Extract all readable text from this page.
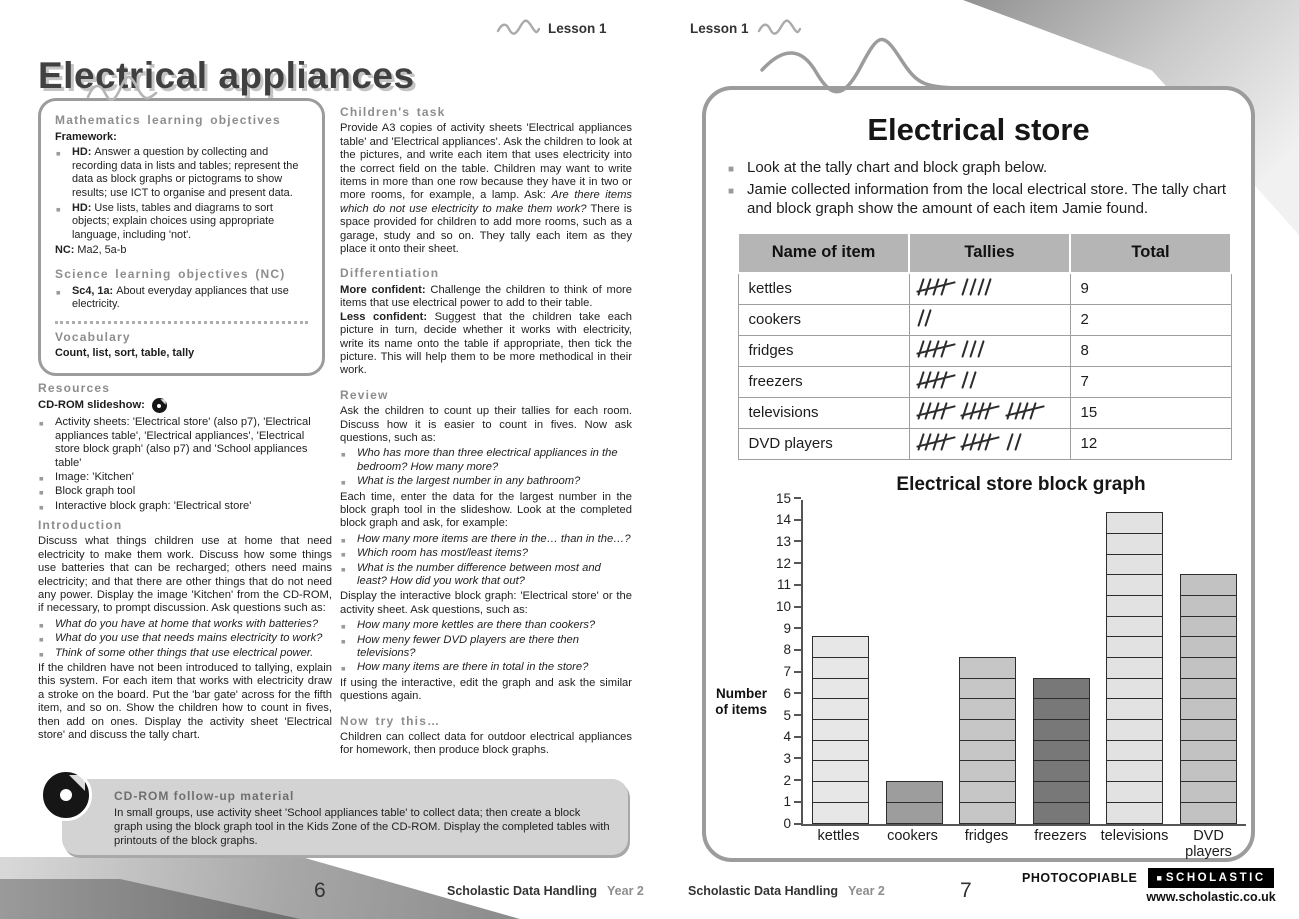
Lesson 1	Lesson 1
Electrical appliances
Mathematics learning objectives
Framework:
■ HD: Answer a question by collecting and recording data in lists and tables; represent the data as block graphs or pictograms to show results; use ICT to organise and present data.
■ HD: Use lists, tables and diagrams to sort objects; explain choices using appropriate language, including 'not'.
NC: Ma2, 5a-b
Science learning objectives (NC)
■ Sc4, 1a: About everyday appliances that use electricity.
Vocabulary
Count, list, sort, table, tally
Resources
CD-ROM slideshow:
■ Activity sheets: 'Electrical store' (also p7), 'Electrical appliances table', 'Electrical appliances', 'Electrical store block graph' (also p7) and 'School appliances table'
■ Image: 'Kitchen'
■ Block graph tool
■ Interactive block graph: 'Electrical store'
Introduction

Discuss what things children use at home that need electricity to make them work. Discuss how some things use batteries that can be recharged; others need mains electricity; and that there are other things that do not need any power. Display the image 'Kitchen' from the CD-ROM, if necessary, to prompt discussion. Ask questions such as:

■ What do you have at home that works with batteries?
■ What do you use that needs mains electricity to work?
■ Think of some other things that use electrical power.

If the children have not been introduced to tallying, explain this system. For each item that works with electricity draw a stroke on the board. Put the 'bar gate' across for the fifth item, and so on. Show the children how to count in fives, then add on ones. Display the activity sheet 'Electrical store' and discuss the tally chart.

CD-ROM follow-up material
In small groups, use activity sheet 'School appliances table' to collect data; then create a block graph using the block graph tool in the Kids Zone of the CD-ROM. Display the completed tables with printouts of the block graphs.
Children's task

Provide A3 copies of activity sheets 'Electrical appliances table' and 'Electrical appliances'. Ask the children to look at the pictures, and write each item that uses electricity into the correct field on the table. Children may want to write items in more than one row because they have it in two or more rooms, for example, a lamp. Ask: Are there items which do not use electricity to make them work? There is space provided for children to add more rooms, such as a garage, study and so on. They tally each item as they place it onto their sheet.

Differentiation

More confident: Challenge the children to think of more items that use electrical power to add to their table.
Less confident: Suggest that the children take each picture in turn, decide whether it works with electricity, write its name onto the table if appropriate, then tick the picture. This will help them to be more methodical in their work.

Review

Ask the children to count up their tallies for each room. Discuss how it is easier to count in fives. Now ask questions, such as:

■ Who has more than three electrical appliances in the bedroom? How many more?
■ What is the largest number in any bathroom?

Each time, enter the data for the largest number in the block graph tool in the slideshow. Look at the completed block graph and ask, for example:

■ How many more items are there in the… than in the…?
■ Which room has most/least items?
■ What is the number difference between most and least? How did you work that out?

Display the interactive block graph: 'Electrical store' or the activity sheet. Ask questions, such as:

■ How many more kettles are there than cookers?
■ How meny fewer DVD players are there then televisions?
■ How many items are there in total in the store?

If using the interactive, edit the graph and ask the similar questions again.

Now try this…

Children can collect data for outdoor electrical appliances for homework, then produce block graphs.

Electrical store
■ Look at the tally chart and block graph below.
■ Jamie collected information from the local electrical store. The tally chart and block graph show the amount of each item Jamie found.
Name of item	Tallies	Total
kettles		9
cookers		2
fridges		8
freezers		7
televisions		15
DVD players		12
Electrical store block graph
Number of items
0
1
2
3
4
5
6
7
8
9
10
11
12
13
14
15
kettles	cookers	fridges	freezers televisions	DVD players
6	Scholastic Data Handling Year 2	Scholastic Data Handling Year 2	7
PHOTOCOPIABLE ■ SCHOLASTIC
www.scholastic.co.uk
